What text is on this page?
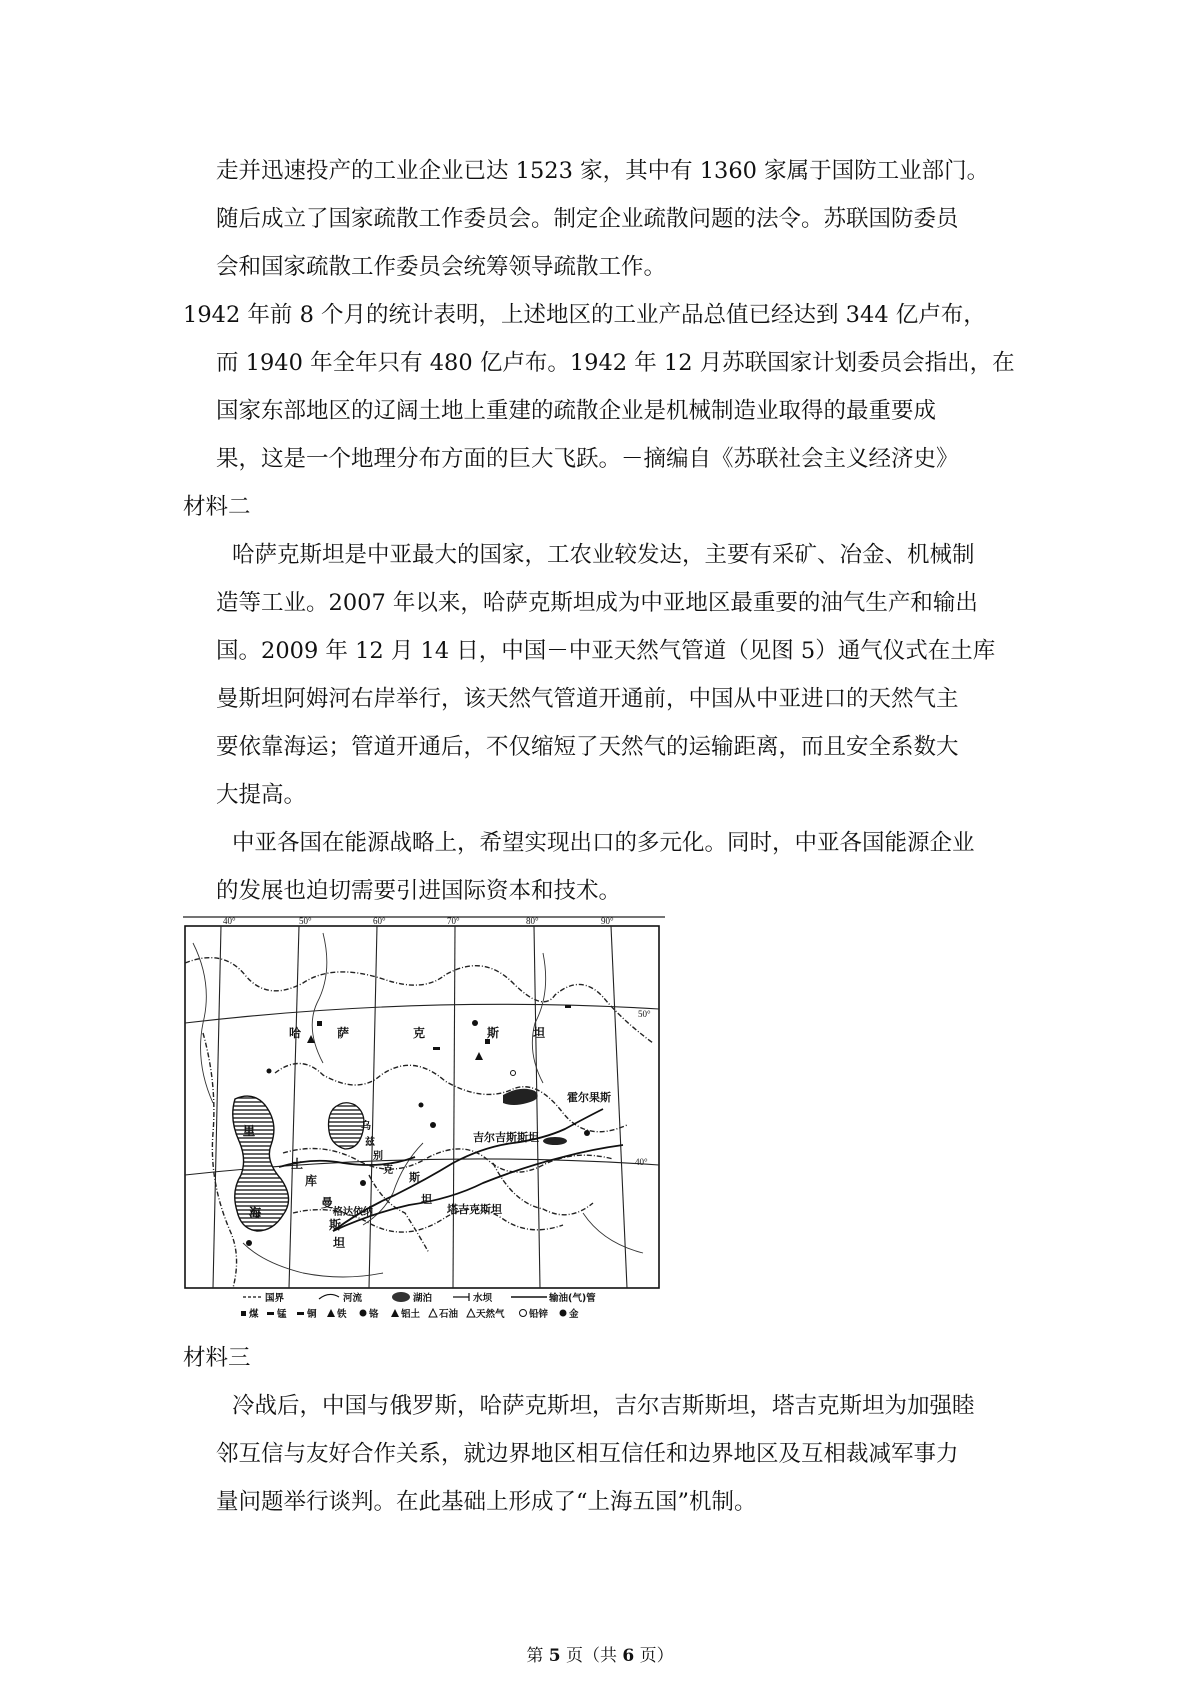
走并迅速投产的工业企业已达 1523 家，其中有 1360 家属于国防工业部门。
随后成立了国家疏散工作委员会。制定企业疏散问题的法令。苏联国防委员
会和国家疏散工作委员会统筹领导疏散工作。
1942 年前 8 个月的统计表明，上述地区的工业产品总值已经达到 344 亿卢布，
而 1940 年全年只有 480 亿卢布。1942 年 12 月苏联国家计划委员会指出，在
国家东部地区的辽阔土地上重建的疏散企业是机械制造业取得的最重要成
果，这是一个地理分布方面的巨大飞跃。－摘编自《苏联社会主义经济史》
材料二
哈萨克斯坦是中亚最大的国家，工农业较发达，主要有采矿、冶金、机械制
造等工业。2007 年以来，哈萨克斯坦成为中亚地区最重要的油气生产和输出
国。2009 年 12 月 14 日，中国－中亚天然气管道（见图 5）通气仪式在土库
曼斯坦阿姆河右岸举行，该天然气管道开通前，中国从中亚进口的天然气主
要依靠海运；管道开通后，不仅缩短了天然气的运输距离，而且安全系数大
大提高。
中亚各国在能源战略上，希望实现出口的多元化。同时，中亚各国能源企业
的发展也迫切需要引进国际资本和技术。
40°	50°	60°	70°	80°	90°
50°
40°
哈	萨	克	斯	坦
霍尔果斯
吉尔吉斯斯坦
乌
兹
别
克
斯
坦
土
库
曼
斯
坦
格达依纳	塔吉克斯坦
里
海
国界	河流	湖泊	水坝	输油(气)管
煤 锰 铜 铁 铬 铝土 石油 天然气	铅锌 金
材料三
冷战后，中国与俄罗斯，哈萨克斯坦，吉尔吉斯斯坦，塔吉克斯坦为加强睦
邻互信与友好合作关系，就边界地区相互信任和边界地区及互相裁减军事力
量问题举行谈判。在此基础上形成了“上海五国”机制。
第 5 页（共 6 页）
